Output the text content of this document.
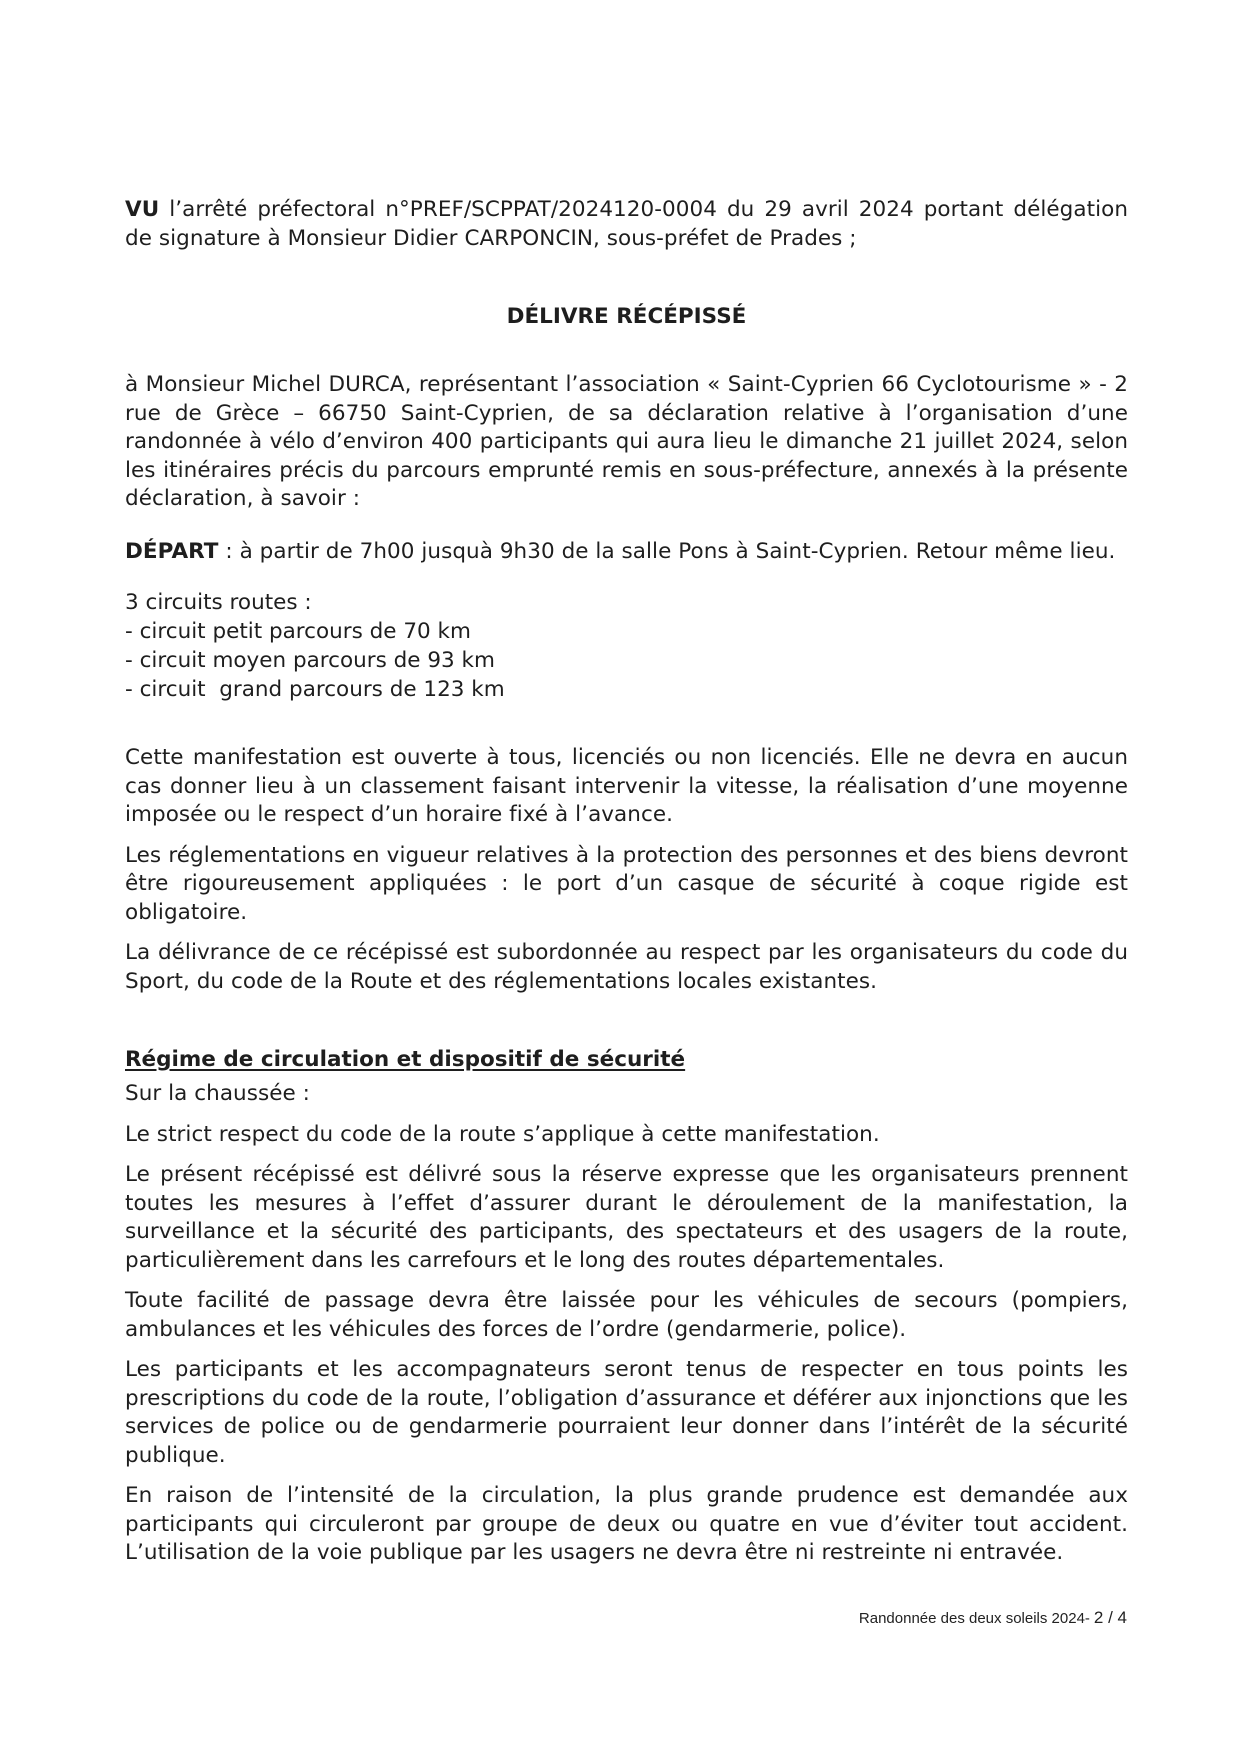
VU l’arrêté préfectoral n°PREF/SCPPAT/2024120-0004 du 29 avril 2024 portant délégation de signature à Monsieur Didier CARPONCIN, sous-préfet de Prades ;

DÉLIVRE RÉCÉPISSÉ

à Monsieur Michel DURCA, représentant l’association « Saint-Cyprien 66 Cyclotourisme » - 2 rue de Grèce – 66750 Saint-Cyprien, de sa déclaration relative à l’organisation d’une randonnée à vélo d’environ 400 participants qui aura lieu le dimanche 21 juillet 2024, selon les itinéraires précis du parcours emprunté remis en sous-préfecture, annexés à la présente déclaration, à savoir :

DÉPART : à partir de 7h00 jusquà 9h30 de la salle Pons à Saint-Cyprien. Retour même lieu.

3 circuits routes :
- circuit petit parcours de 70 km
- circuit moyen parcours de 93 km
- circuit  grand parcours de 123 km

Cette manifestation est ouverte à tous, licenciés ou non licenciés. Elle ne devra en aucun cas donner lieu à un classement faisant intervenir la vitesse, la réalisation d’une moyenne imposée ou le respect d’un horaire fixé à l’avance.

Les réglementations en vigueur relatives à la protection des personnes et des biens devront être rigoureusement appliquées : le port d’un casque de sécurité à coque rigide est obligatoire.

La délivrance de ce récépissé est subordonnée au respect par les organisateurs du code du Sport, du code de la Route et des réglementations locales existantes.

Régime de circulation et dispositif de sécurité

Sur la chaussée :

Le strict respect du code de la route s’applique à cette manifestation.

Le présent récépissé est délivré sous la réserve expresse que les organisateurs prennent toutes les mesures à l’effet d’assurer durant le déroulement de la manifestation, la surveillance et la sécurité des participants, des spectateurs et des usagers de la route, particulièrement dans les carrefours et le long des routes départementales.

Toute facilité de passage devra être laissée pour les véhicules de secours (pompiers, ambulances et les véhicules des forces de l’ordre (gendarmerie, police).

Les participants et les accompagnateurs seront tenus de respecter en tous points les prescriptions du code de la route, l’obligation d’assurance et déférer aux injonctions que les services de police ou de gendarmerie pourraient leur donner dans l’intérêt de la sécurité publique.

En raison de l’intensité de la circulation, la plus grande prudence est demandée aux participants qui circuleront par groupe de deux ou quatre en vue d’éviter tout accident. L’utilisation de la voie publique par les usagers ne devra être ni restreinte ni entravée.

Randonnée des deux soleils 2024- 2 / 4
